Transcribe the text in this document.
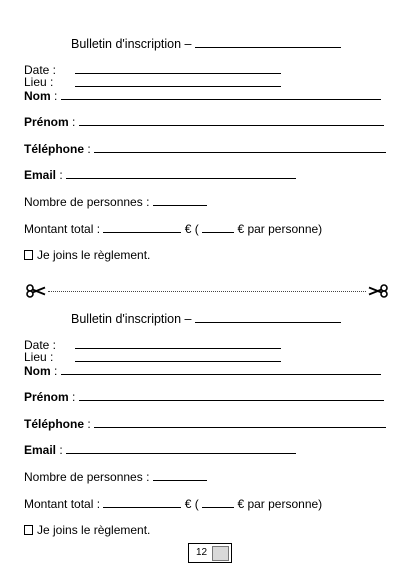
Bulletin d'inscription –
Date :
Lieu :
Nom :
Prénom :
Téléphone :
Email :
Nombre de personnes :
Montant total :	€ (	€ par personne)
Je joins le règlement.
Bulletin d'inscription –
Date :
Lieu :
Nom :
Prénom :
Téléphone :
Email :
Nombre de personnes :
Montant total :	€ (	€ par personne)
Je joins le règlement.
12
